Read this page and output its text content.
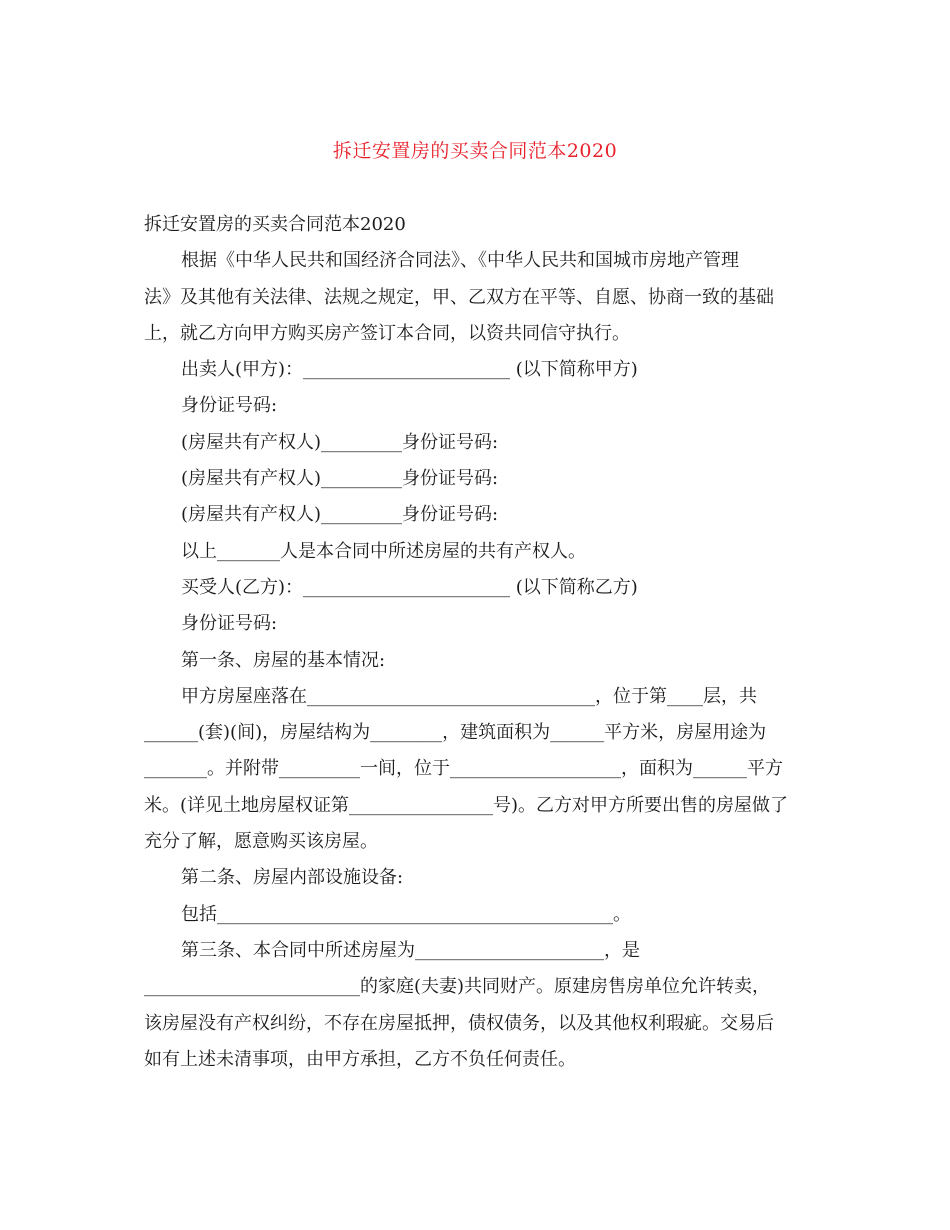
拆迁安置房的买卖合同范本2020
拆迁安置房的买卖合同范本2020
根据《中华人民共和国经济合同法》、《中华人民共和国城市房地产管理
法》及其他有关法律、法规之规定，甲、乙双方在平等、自愿、协商一致的基础
上，就乙方向甲方购买房产签订本合同，以资共同信守执行。
出卖人(甲方)：_______________________ (以下简称甲方)
身份证号码:
(房屋共有产权人)_________身份证号码:
(房屋共有产权人)_________身份证号码:
(房屋共有产权人)_________身份证号码:
以上_______人是本合同中所述房屋的共有产权人。
买受人(乙方)：_______________________ (以下简称乙方)
身份证号码:
第一条、房屋的基本情况:
甲方房屋座落在________________________________，位于第____层，共
______(套)(间)，房屋结构为________，建筑面积为______平方米，房屋用途为
_______。并附带_________一间，位于___________________，面积为______平方
米。(详见土地房屋权证第________________号)。乙方对甲方所要出售的房屋做了
充分了解，愿意购买该房屋。
第二条、房屋内部设施设备:
包括____________________________________________。
第三条、本合同中所述房屋为_____________________，是
________________________的家庭(夫妻)共同财产。原建房售房单位允许转卖，
该房屋没有产权纠纷，不存在房屋抵押，债权债务，以及其他权利瑕疵。交易后
如有上述未清事项，由甲方承担，乙方不负任何责任。
